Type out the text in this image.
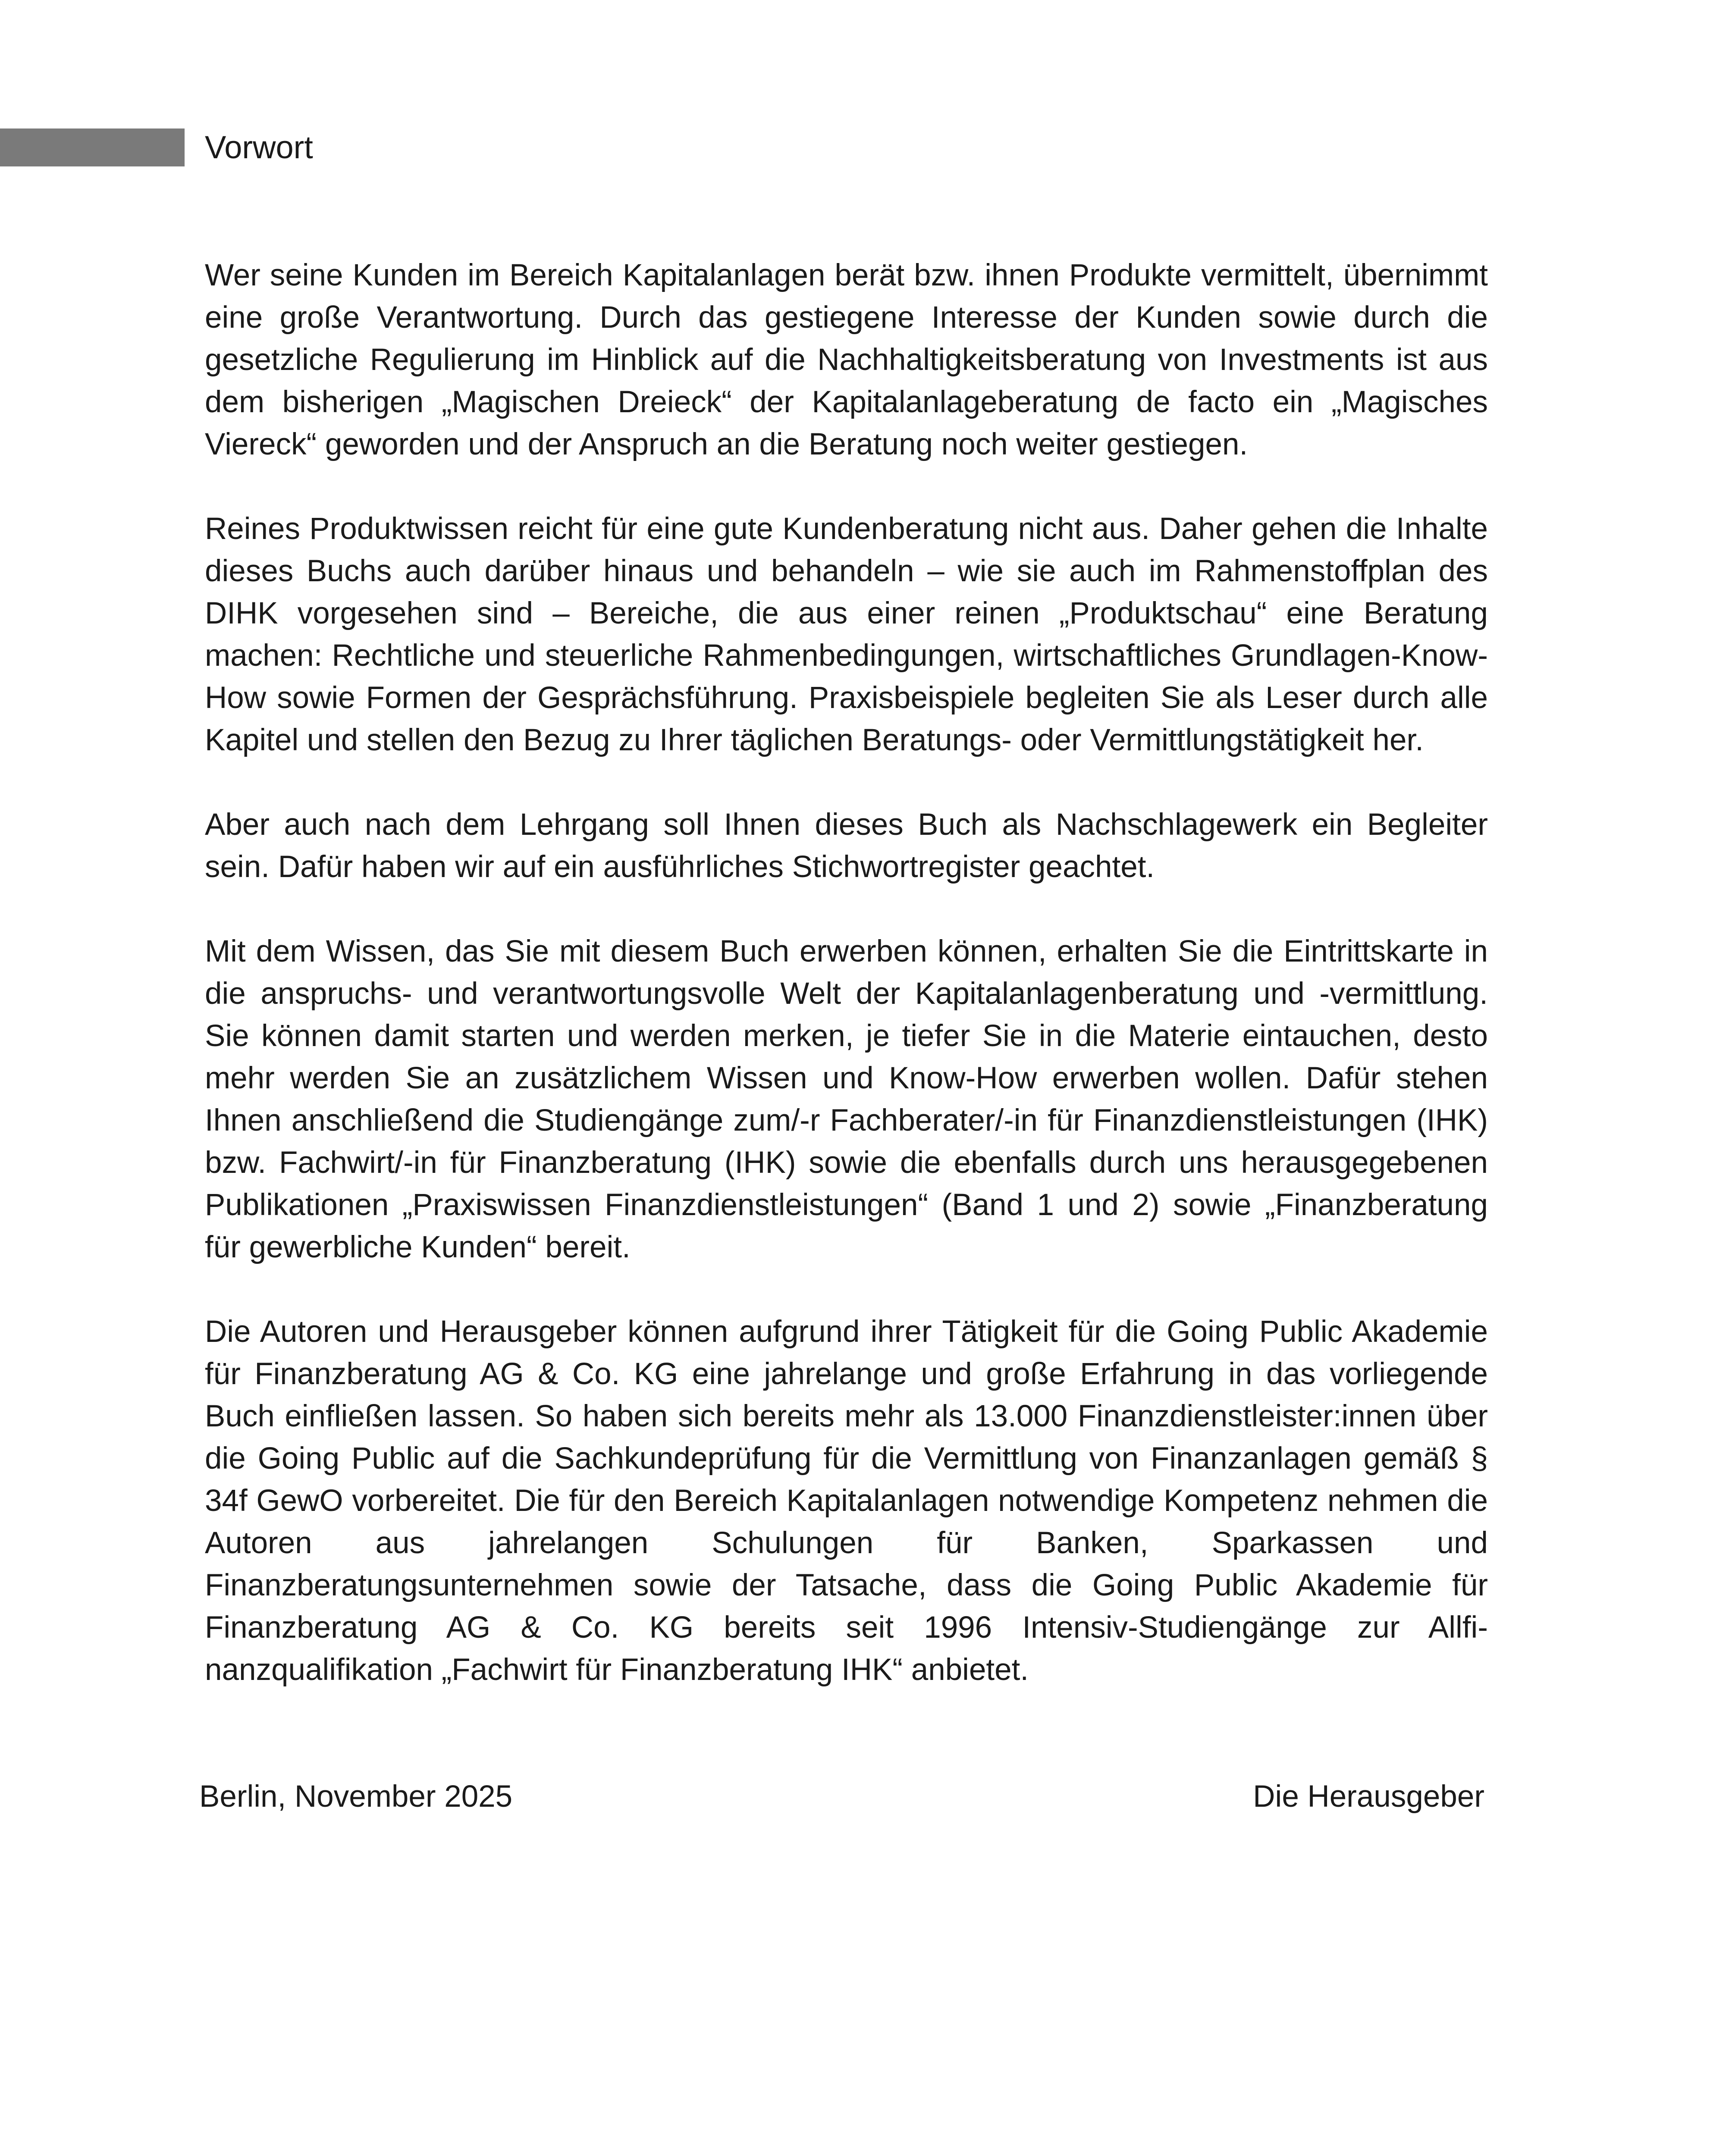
Vorwort

Wer seine Kunden im Bereich Kapitalanlagen berät bzw. ihnen Produkte vermittelt, übernimmt eine große Verantwortung. Durch das gestiegene Interesse der Kunden sowie durch die gesetzliche Regulierung im Hinblick auf die Nachhaltigkeitsberatung von Investments ist aus dem bisherigen „Magischen Dreieck“ der Kapitalanlageberatung de facto ein „Magisches Viereck“ geworden und der Anspruch an die Beratung noch weiter gestiegen.

Reines Produktwissen reicht für eine gute Kundenberatung nicht aus. Daher gehen die Inhalte dieses Buchs auch darüber hinaus und behandeln – wie sie auch im Rahmenstoffplan des DIHK vorgesehen sind – Bereiche, die aus einer reinen „Produktschau“ eine Beratung machen: Rechtliche und steuerliche Rahmenbedingungen, wirtschaftliches Grundlagen-Know-How sowie Formen der Gesprächsführung. Praxisbeispiele begleiten Sie als Leser durch alle Kapitel und stellen den Bezug zu Ihrer täglichen Beratungs- oder Vermittlungstätigkeit her.

Aber auch nach dem Lehrgang soll Ihnen dieses Buch als Nachschlagewerk ein Begleiter sein. Dafür haben wir auf ein ausführliches Stichwortregister geachtet.

Mit dem Wissen, das Sie mit diesem Buch erwerben können, erhalten Sie die Eintrittskarte in die anspruchs- und verantwortungsvolle Welt der Kapitalanlagenberatung und -vermittlung. Sie können damit starten und werden merken, je tiefer Sie in die Materie eintauchen, desto mehr werden Sie an zusätzlichem Wissen und Know-How erwerben wollen. Dafür stehen Ihnen anschließend die Studiengänge zum/-r Fachberater/-in für Finanzdienstleistungen (IHK) bzw. Fachwirt/-in für Finanzberatung (IHK) sowie die ebenfalls durch uns herausgegebenen Publikationen „Praxiswissen Finanzdienstleistungen“ (Band 1 und 2) sowie „Finanzberatung für gewerbliche Kunden“ bereit.

Die Autoren und Herausgeber können aufgrund ihrer Tätigkeit für die Going Public Akademie für Finanzberatung AG & Co. KG eine jahrelange und große Erfahrung in das vorliegende Buch einfließen lassen. So haben sich bereits mehr als 13.000 Finanzdienstleister:innen über die Going Public auf die Sachkundeprüfung für die Vermittlung von Finanzanlagen gemäß § 34f GewO vorbereitet. Die für den Bereich Kapitalanlagen notwendige Kompetenz nehmen die Autoren aus jahrelangen Schulungen für Banken, Sparkassen und Finanzberatungsunternehmen sowie der Tatsache, dass die Going Public Akademie für Finanzberatung AG & Co. KG bereits seit 1996 Intensiv-Studiengänge zur Allfinanzqualifikation „Fachwirt für Finanzberatung IHK“ anbietet.

Berlin, November 2025	Die Herausgeber
